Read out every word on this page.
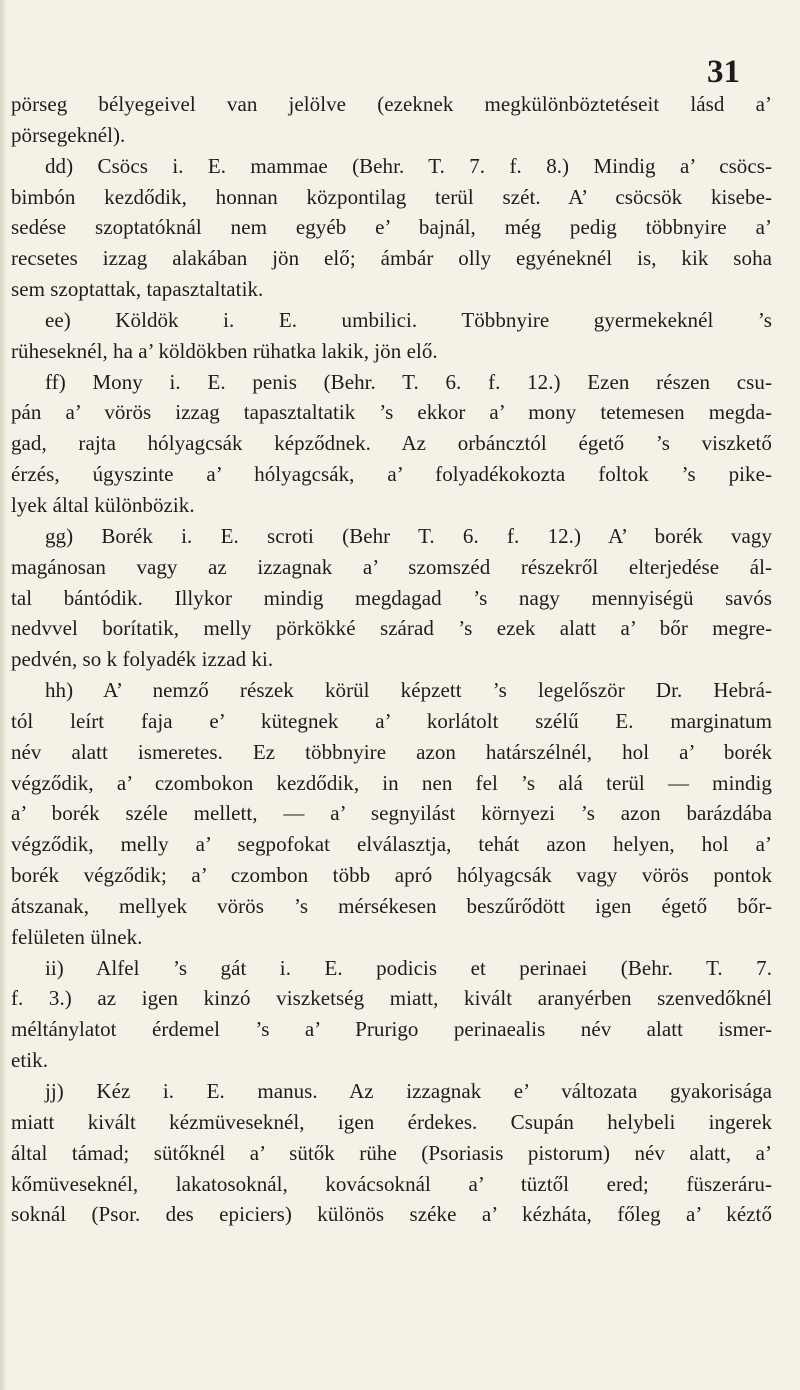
31
pörseg bélyegeivel van jelölve (ezeknek megkülönböztetéseit lásd a’
pörsegeknél).
dd) Csöcs i. E. mammae (Behr. T. 7. f. 8.) Mindig a’ csöcs-
bimbón kezdődik, honnan központilag terül szét. A’ csöcsök kisebe-
sedése szoptatóknál nem egyéb e’ bajnál, még pedig többnyire a’
recsetes izzag alakában jön elő; ámbár olly egyéneknél is, kik soha
sem szoptattak, tapasztaltatik.
ee) Köldök i. E. umbilici. Többnyire gyermekeknél ’s
rüheseknél, ha a’ köldökben rühatka lakik, jön elő.
ff) Mony i. E. penis (Behr. T. 6. f. 12.) Ezen részen csu-
pán a’ vörös izzag tapasztaltatik ’s ekkor a’ mony tetemesen megda-
gad, rajta hólyagcsák képződnek. Az orbáncztól égető ’s viszkető
érzés, úgyszinte a’ hólyagcsák, a’ folyadékokozta foltok ’s pike-
lyek által különbözik.
gg) Borék i. E. scroti (Behr T. 6. f. 12.) A’ borék vagy
magánosan vagy az izzagnak a’ szomszéd részekről elterjedése ál-
tal bántódik. Illykor mindig megdagad ’s nagy mennyiségü savós
nedvvel borítatik, melly pörkökké szárad ’s ezek alatt a’ bőr megre-
pedvén, so k folyadék izzad ki.
hh) A’ nemző részek körül képzett ’s legelőször Dr. Hebrá-
tól leírt faja e’ kütegnek a’ korlátolt szélű E. marginatum
név alatt ismeretes. Ez többnyire azon határszélnél, hol a’ borék
végződik, a’ czombokon kezdődik, in nen fel ’s alá terül — mindig
a’ borék széle mellett, — a’ segnyilást környezi ’s azon barázdába
végződik, melly a’ segpofokat elválasztja, tehát azon helyen, hol a’
borék végződik; a’ czombon több apró hólyagcsák vagy vörös pontok
átszanak, mellyek vörös ’s mérsékesen beszűrődött igen égető bőr-
felületen ülnek.
ii) Alfel ’s gát i. E. podicis et perinaei (Behr. T. 7.
f. 3.) az igen kinzó viszketség miatt, kivált aranyérben szenvedőknél
méltánylatot érdemel ’s a’ Prurigo perinaealis név alatt ismer-
etik.
jj) Kéz i. E. manus. Az izzagnak e’ változata gyakorisága
miatt kivált kézmüveseknél, igen érdekes. Csupán helybeli ingerek
által támad; sütőknél a’ sütők rühe (Psoriasis pistorum) név alatt, a’
kőmüveseknél, lakatosoknál, kovácsoknál a’ tüztől ered; füszeráru-
soknál (Psor. des epiciers) különös széke a’ kézháta, főleg a’ kéztő
